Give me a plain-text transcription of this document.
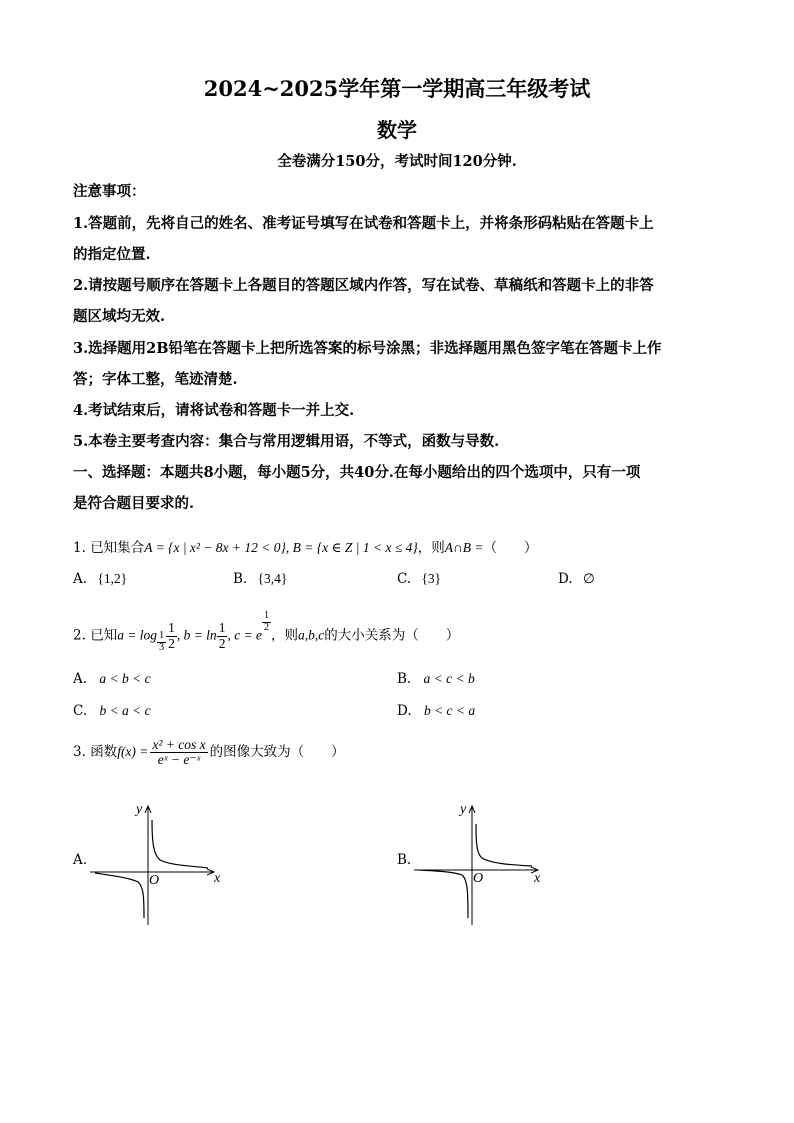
2024~2025学年第一学期高三年级考试
数学
全卷满分150分，考试时间120分钟.
注意事项：
1.答题前，先将自己的姓名、准考证号填写在试卷和答题卡上，并将条形码粘贴在答题卡上
的指定位置.
2.请按题号顺序在答题卡上各题目的答题区域内作答，写在试卷、草稿纸和答题卡上的非答
题区域均无效.
3.选择题用2B铅笔在答题卡上把所选答案的标号涂黑；非选择题用黑色签字笔在答题卡上作
答；字体工整，笔迹清楚.
4.考试结束后，请将试卷和答题卡一并上交.
5.本卷主要考查内容：集合与常用逻辑用语，不等式，函数与导数.
一、选择题：本题共8小题，每小题5分，共40分.在每小题给出的四个选项中，只有一项
是符合题目要求的.
1. 已知集合A = {x | x² − 8x + 12 < 0}, B = {x ∈ Z | 1 < x ≤ 4}，则A∩B =（　　）
A. {1,2}	B. {3,4}	C. {3}	D. ∅
2. 已知$a = \log \frac{1}{3} \frac{1}{2}$ , $b = \ln \frac{1}{2}$ , c = e
$\frac{1}{2}$
，则a,b,c的大小关系为（　　）
A. a < b < c	B. a < c < b
C. b < a < c	D. b < c < a
3. 函数$f(x) = \frac{\text{x² + cos x}}{\text{eˣ − e⁻ˣ}}$ 的图像大致为（　　）
A.
y
x
O
B.
y
x
O
